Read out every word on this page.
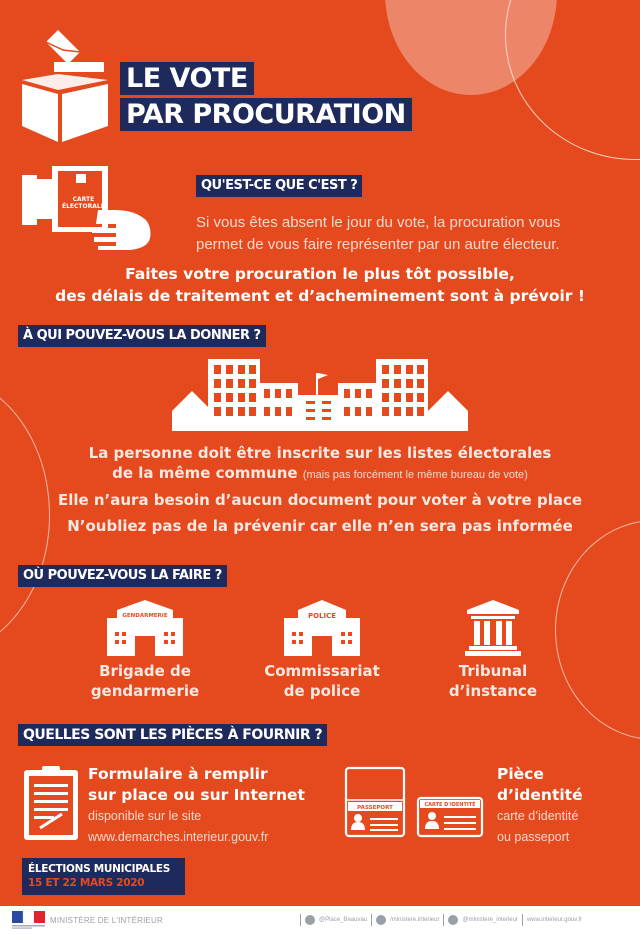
LE VOTE
PAR PROCURATION
CARTE
ÉLECTORALE
QU'EST-CE QUE C'EST ?
Si vous êtes absent le jour du vote, la procuration vous
permet de vous faire représenter par un autre électeur.
Faites votre procuration le plus tôt possible,
des délais de traitement et d’acheminement sont à prévoir !
À QUI POUVEZ-VOUS LA DONNER ?
La personne doit être inscrite sur les listes électorales
de la même commune (mais pas forcément le même bureau de vote)
Elle n’aura besoin d’aucun document pour voter à votre place
N’oubliez pas de la prévenir car elle n’en sera pas informée
OÙ POUVEZ-VOUS LA FAIRE ?
GENDARMERIE
Brigade de
gendarmerie
POLICE
Commissariat
de police
Tribunal
d’instance
QUELLES SONT LES PIÈCES À FOURNIR ?
Formulaire à remplir
sur place ou sur Internet
disponible sur le site
www.demarches.interieur.gouv.fr
PASSEPORT	CARTE D'IDENTITÉ
Pièce
d’identité
carte d’identité
ou passeport
ÉLECTIONS MUNICIPALES
15 ET 22 MARS 2020
MINISTÈRE DE L'INTÉRIEUR	@Place_Beauvau	/ministere.interieur	@ministere_interieur www.interieur.gouv.fr
